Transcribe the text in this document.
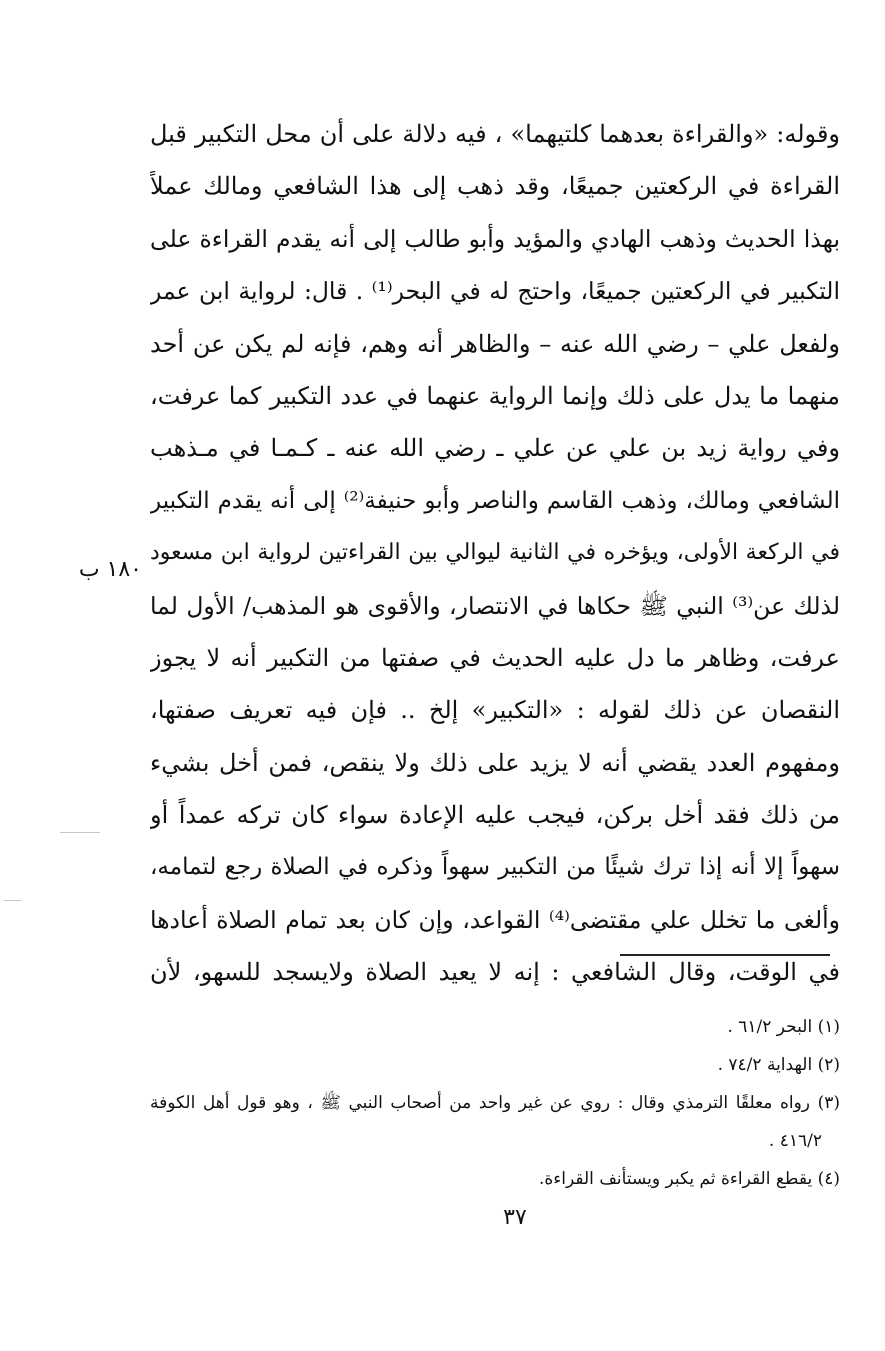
وقوله: «والقراءة بعدهما كلتيهما» ، فيه دلالة على أن محل التكبير قبل
القراءة في الركعتين جميعًا، وقد ذهب إلى هذا الشافعي ومالك عملاً
بهذا الحديث وذهب الهادي والمؤيد وأبو طالب إلى أنه يقدم القراءة على
التكبير في الركعتين جميعًا، واحتج له في البحر⁽¹⁾ . قال: لرواية ابن عمر
ولفعل علي – رضي الله عنه – والظاهر أنه وهم، فإنه لم يكن عن أحد
منهما ما يدل على ذلك وإنما الرواية عنهما في عدد التكبير كما عرفت،
وفي رواية زيد بن علي عن علي ـ رضي الله عنه ـ كـمـا في مـذهب
الشافعي ومالك، وذهب القاسم والناصر وأبو حنيفة⁽²⁾ إلى أنه يقدم التكبير
في الركعة الأولى، ويؤخره في الثانية ليوالي بين القراءتين لرواية ابن مسعود
لذلك عن⁽³⁾ النبي ﷺ حكاها في الانتصار، والأقوى هو المذهب/ الأول لما
عرفت، وظاهر ما دل عليه الحديث في صفتها من التكبير أنه لا يجوز
النقصان عن ذلك لقوله : «التكبير» إلخ .. فإن فيه تعريف صفتها،
ومفهوم العدد يقضي أنه لا يزيد على ذلك ولا ينقص، فمن أخل بشيء
من ذلك فقد أخل بركن، فيجب عليه الإعادة سواء كان تركه عمداً أو
سهواً إلا أنه إذا ترك شيئًا من التكبير سهواً وذكره في الصلاة رجع لتمامه،
وألغى ما تخلل علي مقتضى⁽⁴⁾ القواعد، وإن كان بعد تمام الصلاة أعادها
في الوقت، وقال الشافعي : إنه لا يعيد الصلاة ولايسجد للسهو، لأن
١٨٠ ب
(١) البحر ٦١/٢ .
(٢) الهداية ٧٤/٢ .
(٣) رواه معلقًا الترمذي وقال : روي عن غير واحد من أصحاب النبي ﷺ ، وهو قول أهل الكوفة
٤١٦/٢ .
(٤) يقطع القراءة ثم يكبر ويستأنف القراءة.
٣٧
